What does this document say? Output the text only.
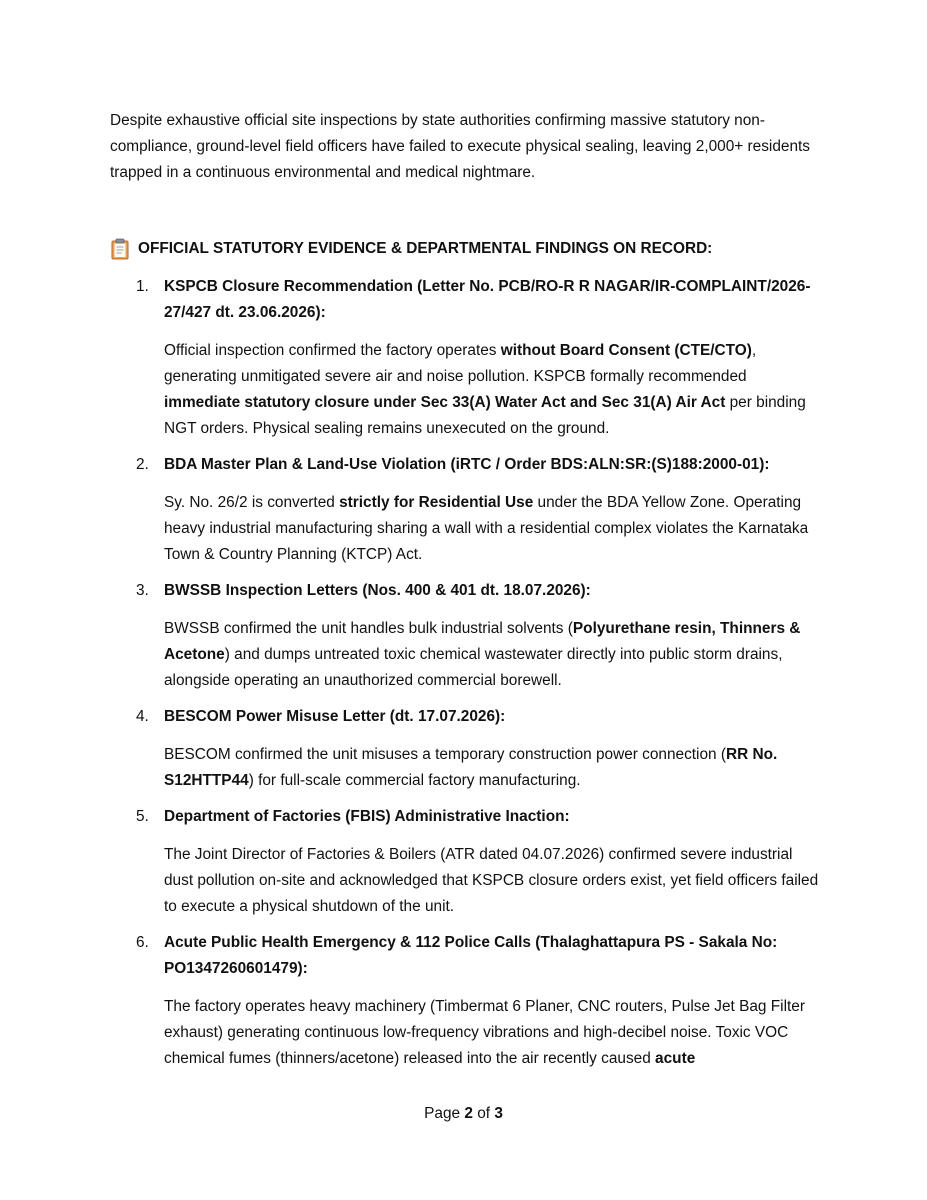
Despite exhaustive official site inspections by state authorities confirming massive statutory non-compliance, ground-level field officers have failed to execute physical sealing, leaving 2,000+ residents trapped in a continuous environmental and medical nightmare.

OFFICIAL STATUTORY EVIDENCE & DEPARTMENTAL FINDINGS ON RECORD:
1. KSPCB Closure Recommendation (Letter No. PCB/RO-R R NAGAR/IR-COMPLAINT/2026-27/427 dt. 23.06.2026):

Official inspection confirmed the factory operates without Board Consent (CTE/CTO), generating unmitigated severe air and noise pollution. KSPCB formally recommended immediate statutory closure under Sec 33(A) Water Act and Sec 31(A) Air Act per binding NGT orders. Physical sealing remains unexecuted on the ground.

2. BDA Master Plan & Land-Use Violation (iRTC / Order BDS:ALN:SR:(S)188:2000-01):

Sy. No. 26/2 is converted strictly for Residential Use under the BDA Yellow Zone. Operating heavy industrial manufacturing sharing a wall with a residential complex violates the Karnataka Town & Country Planning (KTCP) Act.

3. BWSSB Inspection Letters (Nos. 400 & 401 dt. 18.07.2026):

BWSSB confirmed the unit handles bulk industrial solvents (Polyurethane resin, Thinners & Acetone) and dumps untreated toxic chemical wastewater directly into public storm drains, alongside operating an unauthorized commercial borewell.

4. BESCOM Power Misuse Letter (dt. 17.07.2026):

BESCOM confirmed the unit misuses a temporary construction power connection (RR No. S12HTTP44) for full-scale commercial factory manufacturing.

5. Department of Factories (FBIS) Administrative Inaction:

The Joint Director of Factories & Boilers (ATR dated 04.07.2026) confirmed severe industrial dust pollution on-site and acknowledged that KSPCB closure orders exist, yet field officers failed to execute a physical shutdown of the unit.

6. Acute Public Health Emergency & 112 Police Calls (Thalaghattapura PS - Sakala No: PO1347260601479):

The factory operates heavy machinery (Timbermat 6 Planer, CNC routers, Pulse Jet Bag Filter exhaust) generating continuous low-frequency vibrations and high-decibel noise. Toxic VOC chemical fumes (thinners/acetone) released into the air recently caused acute

Page 2 of 3
